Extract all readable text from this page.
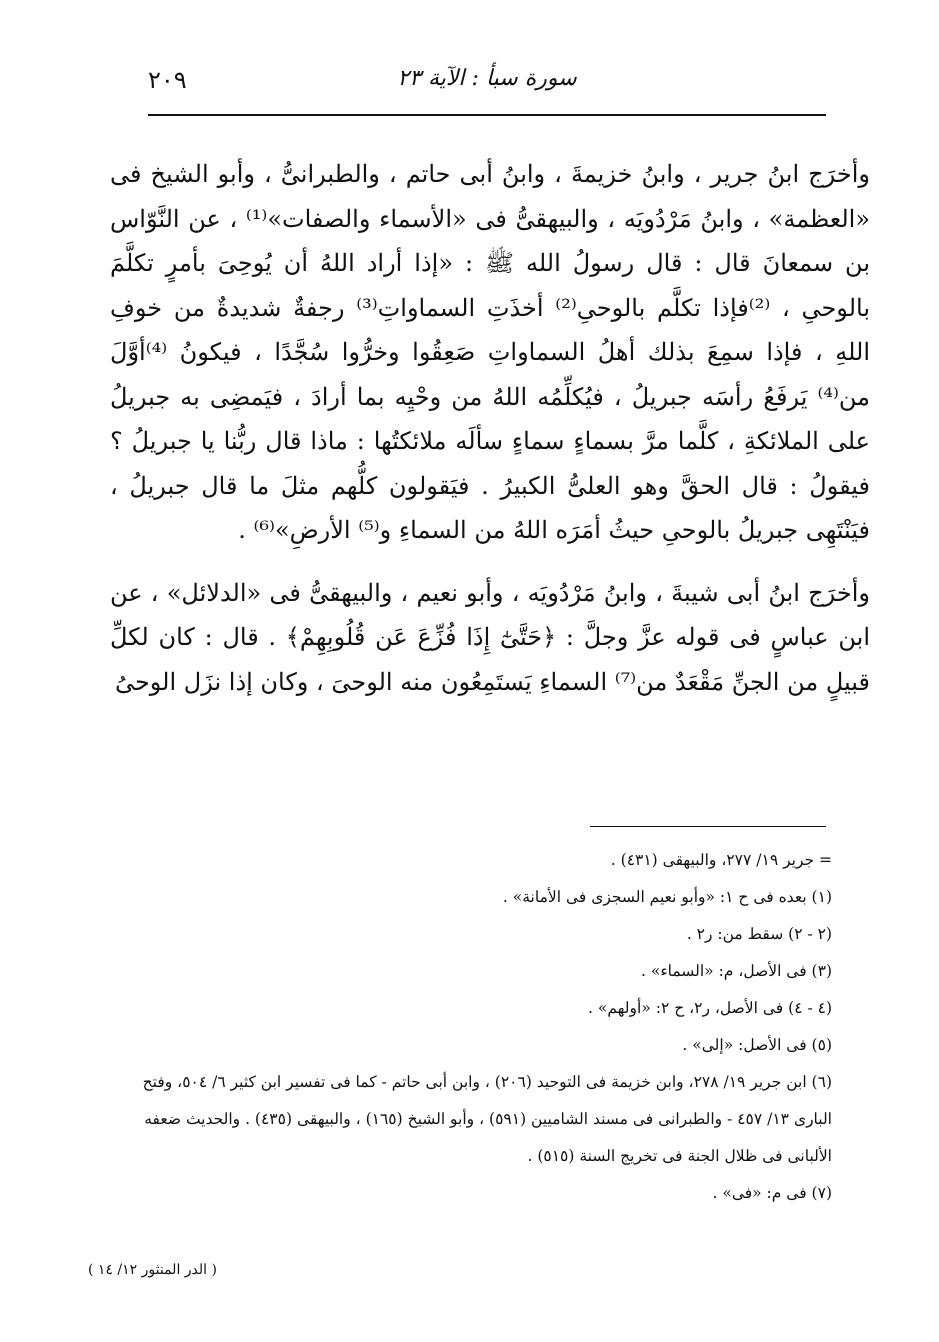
سورة سبأ : الآية ٢٣
٢٠٩

وأخرَج ابنُ جرير ، وابنُ خزيمةَ ، وابنُ أبى حاتم ، والطبرانىُّ ، وأبو الشيخ فى «العظمة» ، وابنُ مَرْدُويَه ، والبيهقىُّ فى «الأسماء والصفات»⁽¹⁾ ، عن النَّوّاس بن سمعانَ قال : قال رسولُ الله ﷺ : «إذا أراد اللهُ أن يُوحِىَ بأمرٍ تكلَّمَ بالوحىِ ، ⁽²⁾فإذا تكلَّم بالوحىِ⁽²⁾ أخذَتِ السماواتِ⁽³⁾ رجفةٌ شديدةٌ من خوفِ اللهِ ، فإذا سمِعَ بذلك أهلُ السماواتِ صَعِقُوا وخرُّوا سُجَّدًا ، فيكونُ ⁽⁴⁾أوَّلَ من⁽⁴⁾ يَرفَعُ رأسَه جبريلُ ، فيُكلِّمُه اللهُ من وحْيِه بما أرادَ ، فيَمضِى به جبريلُ على الملائكةِ ، كلَّما مرَّ بسماءٍ سماءٍ سألَه ملائكتُها : ماذا قال ربُّنا يا جبريلُ ؟ فيقولُ : قال الحقَّ وهو العلىُّ الكبيرُ . فيَقولون كلُّهم مثلَ ما قال جبريلُ ، فيَنْتَهِى جبريلُ بالوحىِ حيثُ أمَرَه اللهُ من السماءِ و⁽⁵⁾ الأرضِ»⁽⁶⁾ .

وأخرَج ابنُ أبى شيبةَ ، وابنُ مَرْدُويَه ، وأبو نعيم ، والبيهقىُّ فى «الدلائل» ، عن ابن عباسٍ فى قوله عزَّ وجلَّ : ﴿حَتَّىٰٓ إِذَا فُزِّعَ عَن قُلُوبِهِمْ﴾ . قال : كان لكلِّ قبيلٍ من الجنِّ مَقْعَدٌ من⁽⁷⁾ السماءِ يَستَمِعُون منه الوحىَ ، وكان إذا نزَل الوحىُ

= جرير ١٩/ ٢٧٧، والبيهقى (٤٣١) .
(١) بعده فى ح ١: «وأبو نعيم السجزى فى الأمانة» .
(٢ - ٢) سقط من: ر٢ .
(٣) فى الأصل، م: «السماء» .
(٤ - ٤) فى الأصل، ر٢، ح ٢: «أولهم» .
(٥) فى الأصل: «إلى» .
(٦) ابن جرير ١٩/ ٢٧٨، وابن خزيمة فى التوحيد (٢٠٦) ، وابن أبى حاتم - كما فى تفسير ابن كثير ٦/ ٥٠٤، وفتح البارى ١٣/ ٤٥٧ - والطبرانى فى مسند الشاميين (٥٩١) ، وأبو الشيخ (١٦٥) ، والبيهقى (٤٣٥) . والحديث ضعفه الألبانى فى ظلال الجنة فى تخريج السنة (٥١٥) .
(٧) فى م: «فى» .
( الدر المنثور ١٢/ ١٤ )
